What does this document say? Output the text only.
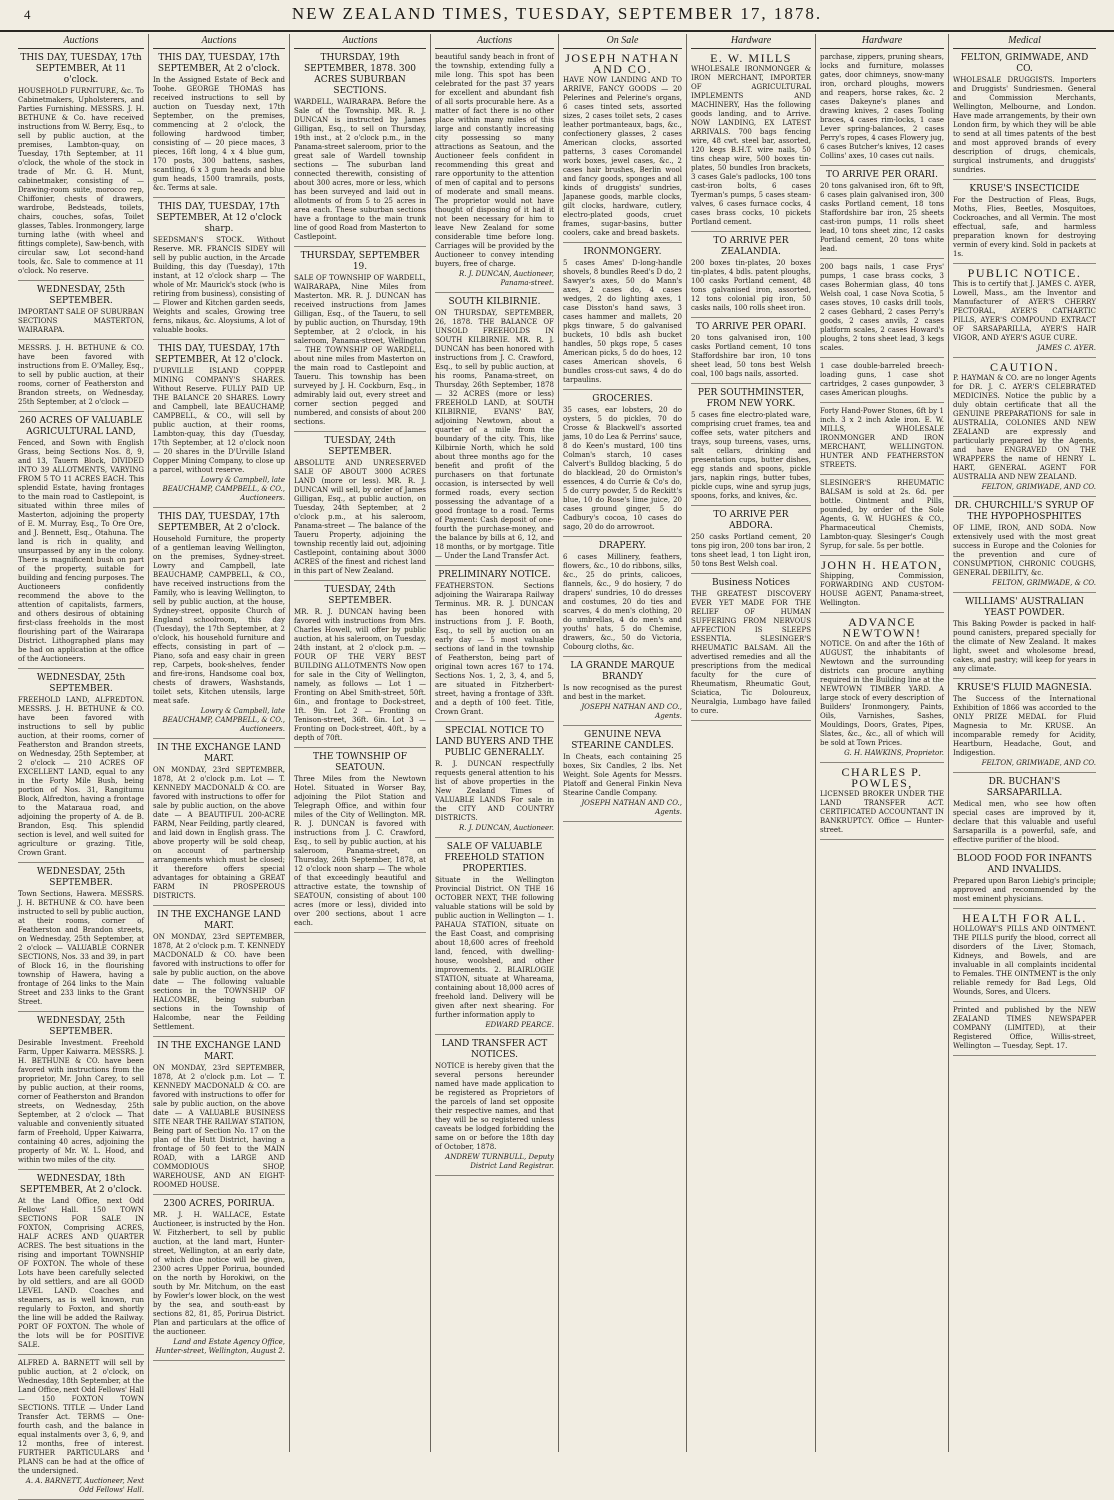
4	NEW ZEALAND TIMES, TUESDAY, SEPTEMBER 17, 1878.
Auctions
THIS DAY, TUESDAY, 17th SEPTEMBER, At 11 o'clock.
HOUSEHOLD FURNITURE, &c. To Cabinetmakers, Upholsterers, and Parties Furnishing. MESSRS. J. H. BETHUNE & Co. have received instructions from W. Berry, Esq., to sell by public auction, at the premises, Lambton-quay, on Tuesday, 17th September, at 11 o'clock, the whole of the stock in trade of Mr. G. H. Munt, cabinetmaker, consisting of — Drawing-room suite, morocco rep, Chiffonier, chests of drawers, wardrobe, Bedsteads, toilets, chairs, couches, sofas, Toilet glasses, Tables. Ironmongery, large turning lathe (with wheel and fittings complete), Saw-bench, with circular saw, Lot second-hand tools, &c. Sale to commence at 11 o'clock. No reserve.
WEDNESDAY, 25th SEPTEMBER.
IMPORTANT SALE OF SUBURBAN SECTIONS MASTERTON, WAIRARAPA.
MESSRS. J. H. BETHUNE & CO. have been favored with instructions from E. O'Malley, Esq., to sell by public auction, at their rooms, corner of Featherston and Brandon streets, on Wednesday, 25th September, at 2 o'clock —
260 ACRES OF VALUABLE AGRICULTURAL LAND,
Fenced, and Sown with English Grass, being Sections Nos. 8, 9, and 13, Tauern Block, DIVIDED INTO 39 ALLOTMENTS, VARYING FROM 5 TO 11 ACRES EACH. This splendid Estate, having frontages to the main road to Castlepoint, is situated within three miles of Masterton, adjoining the property of E. M. Murray, Esq., To Ore Ore, and J. Bennett, Esq., Otahuna. The land is rich in quality, and unsurpassed by any in the colony. There is magnificent bush on part of the property, suitable for building and fencing purposes. The Auctioneers confidently recommend the above to the attention of capitalists, farmers, and others desirous of obtaining first-class freeholds in the most flourishing part of the Wairarapa District. Lithographed plans may be had on application at the office of the Auctioneers.
WEDNESDAY, 25th SEPTEMBER.
FREEHOLD LAND, ALFREDTON. MESSRS. J. H. BETHUNE & CO. have been favored with instructions to sell by public auction, at their rooms, corner of Featherston and Brandon streets, on Wednesday, 25th September, at 2 o'clock — 210 ACRES OF EXCELLENT LAND, equal to any in the Forty Mile Bush, being portion of Nos. 31, Rangitumu Block, Alfredton, having a frontage to the Mataraua road, and adjoining the property of A. de B. Brandon, Esq. This splendid section is level, and well suited for agriculture or grazing. Title, Crown Grant.
WEDNESDAY, 25th SEPTEMBER.
Town Sections, Hawera. MESSRS. J. H. BETHUNE & CO. have been instructed to sell by public auction, at their rooms, corner of Featherston and Brandon streets, on Wednesday, 25th September, at 2 o'clock — VALUABLE CORNER SECTIONS, Nos. 33 and 39, in part of Block 16, in the flourishing township of Hawera, having a frontage of 264 links to the Main Street and 233 links to the Grant Street.
WEDNESDAY, 25th SEPTEMBER.
Desirable Investment. Freehold Farm, Upper Kaiwarra. MESSRS. J. H. BETHUNE & CO. have been favored with instructions from the proprietor, Mr. John Carey, to sell by public auction, at their rooms, corner of Featherston and Brandon streets, on Wednesday, 25th September, at 2 o'clock — That valuable and conveniently situated farm of Freehold, Upper Kaiwarra, containing 40 acres, adjoining the property of Mr. W. L. Hood, and within two miles of the city.
WEDNESDAY, 18th SEPTEMBER, At 2 o'clock.
At the Land Office, next Odd Fellows' Hall. 150 TOWN SECTIONS FOR SALE IN FOXTON, Comprising ACRES, HALF ACRES AND QUARTER ACRES. The best situations in the rising and important TOWNSHIP OF FOXTON. The whole of these Lots have been carefully selected by old settlers, and are all GOOD LEVEL LAND. Coaches and steamers, as is well known, run regularly to Foxton, and shortly the line will be added the Railway. PORT OF FOXTON. The whole of the lots will be for POSITIVE SALE.
ALFRED A. BARNETT will sell by public auction, at 2 o'clock, on Wednesday, 18th September, at the Land Office, next Odd Fellows' Hall — 150 FOXTON TOWN SECTIONS. TITLE — Under Land Transfer Act. TERMS — One-fourth cash, and the balance in equal instalments over 3, 6, 9, and 12 months, free of interest. FURTHER PARTICULARS and PLANS can be had at the office of the undersigned.
A. A. BARNETT, Auctioneer, Next Odd Fellows' Hall.
Auctions
THIS DAY, TUESDAY, 17th SEPTEMBER, At 2 o'clock.
In the Assigned Estate of Beck and Toohe. GEORGE THOMAS has received instructions to sell by auction on Tuesday next, 17th September, on the premises, commencing at 2 o'clock, the following hardwood timber, consisting of — 20 piece maces, 3 pieces, 16ft long, 4 x 4 blue gum, 170 posts, 300 battens, sashes, scantling, 6 x 3 gum heads and blue gum heads, 1500 tramrails, posts, &c. Terms at sale.
THIS DAY, TUESDAY, 17th SEPTEMBER, At 12 o'clock sharp.
SEEDSMAN'S STOCK. Without Reserve. MR. FRANCIS SIDEY will sell by public auction, in the Arcade Building, this day (Tuesday), 17th instant, at 12 o'clock sharp — The whole of Mr. Maurick's stock (who is retiring from business), consisting of — Flower and Kitchen garden seeds, Weights and scales, Growing tree ferns, nikaus, &c. Aloysiums, A lot of valuable books.
THIS DAY, TUESDAY, 17th SEPTEMBER, At 12 o'clock.
D'URVILLE ISLAND COPPER MINING COMPANY'S SHARES. Without Reserve. FULLY PAID UP. THE BALANCE 20 SHARES. Lowry and Campbell, late BEAUCHAMP, CAMPBELL, & CO., will sell by public auction, at their rooms, Lambton-quay, this day (Tuesday, 17th September, at 12 o'clock noon — 20 shares in the D'Urville Island Copper Mining Company, to close up a parcel, without reserve.
Lowry & Campbell, late BEAUCHAMP, CAMPBELL, & CO., Auctioneers.
THIS DAY, TUESDAY, 17th SEPTEMBER, At 2 o'clock.
Household Furniture, the property of a gentleman leaving Wellington, on the premises, Sydney-street. Lowry and Campbell, late BEAUCHAMP, CAMPBELL, & CO., have received instructions from the Family, who is leaving Wellington, to sell by public auction, at the house, Sydney-street, opposite Church of England schoolroom, this day (Tuesday), the 17th September, at 2 o'clock, his household furniture and effects, consisting in part of — Piano, sofa and easy chair in green rep, Carpets, book-shelves, fender and fire-irons, Handsome coal box, chests of drawers, Washstands, toilet sets, Kitchen utensils, large meat safe.
Lowry & Campbell, late BEAUCHAMP, CAMPBELL, & CO., Auctioneers.
IN THE EXCHANGE LAND MART.
ON MONDAY, 23rd SEPTEMBER, 1878, At 2 o'clock p.m. Lot — T. KENNEDY MACDONALD & CO. are favored with instructions to offer for sale by public auction, on the above date — A BEAUTIFUL 200-ACRE FARM, Near Feilding, partly cleared, and laid down in English grass. The above property will be sold cheap, on account of partnership arrangements which must be closed; it therefore offers special advantages for obtaining a GREAT FARM IN PROSPEROUS DISTRICTS.
IN THE EXCHANGE LAND MART.
ON MONDAY, 23rd SEPTEMBER, 1878, At 2 o'clock p.m. T. KENNEDY MACDONALD & CO. have been favored with instructions to offer for sale by public auction, on the above date — The following valuable sections in the TOWNSHIP OF HALCOMBE, being suburban sections in the Township of Halcombe, near the Feilding Settlement.
IN THE EXCHANGE LAND MART.
ON MONDAY, 23rd SEPTEMBER, 1878, At 2 o'clock p.m. Lot — T. KENNEDY MACDONALD & CO. are favored with instructions to offer for sale by public auction, on the above date — A VALUABLE BUSINESS SITE NEAR THE RAILWAY STATION, Being part of Section No. 17 on the plan of the Hutt District, having a frontage of 50 feet to the MAIN ROAD, with a LARGE AND COMMODIOUS SHOP, WAREHOUSE, AND AN EIGHT-ROOMED HOUSE.
2300 ACRES, PORIRUA.
MR. J. H. WALLACE, Estate Auctioneer, is instructed by the Hon. W. Fitzherbert, to sell by public auction, at the land mart, Hunter-street, Wellington, at an early date, of which due notice will be given, 2300 acres Upper Porirua, bounded on the north by Horokiwi, on the south by Mr. Mitchum, on the east by Fowler's lower block, on the west by the sea, and south-east by sections 82, 81, 85, Porirua District. Plan and particulars at the office of the auctioneer.
Land and Estate Agency Office, Hunter-street, Wellington, August 2.
Auctions
THURSDAY, 19th SEPTEMBER, 1878. 300 ACRES SUBURBAN SECTIONS.
WARDELL, WAIRARAPA. Before the Sale of the Township. MR. R. J. DUNCAN is instructed by James Gilligan, Esq., to sell on Thursday, 19th inst., at 2 o'clock p.m., in the Panama-street saleroom, prior to the great sale of Wardell township sections — The suburban land connected therewith, consisting of about 300 acres, more or less, which has been surveyed and laid out in allotments of from 5 to 25 acres in area each. These suburban sections have a frontage to the main trunk line of good Road from Masterton to Castlepoint.
THURSDAY, SEPTEMBER 19.
SALE OF TOWNSHIP OF WARDELL, WAIRARAPA, Nine Miles from Masterton. MR. R. J. DUNCAN has received instructions from James Gilligan, Esq., of the Taueru, to sell by public auction, on Thursday, 19th September, at 2 o'clock, in his saleroom, Panama-street, Wellington — THE TOWNSHIP OF WARDELL, about nine miles from Masterton on the main road to Castlepoint and Taueru. This township has been surveyed by J. H. Cockburn, Esq., in admirably laid out, every street and corner section pegged and numbered, and consists of about 200 sections.
TUESDAY, 24th SEPTEMBER.
ABSOLUTE AND UNRESERVED SALE OF ABOUT 3000 ACRES LAND (more or less). MR. R. J. DUNCAN will sell, by order of James Gilligan, Esq., at public auction, on Tuesday, 24th September, at 2 o'clock p.m., at his saleroom, Panama-street — The balance of the Taueru Property, adjoining the township recently laid out, adjoining Castlepoint, containing about 3000 ACRES of the finest and richest land in this part of New Zealand.
TUESDAY, 24th SEPTEMBER.
MR. R. J. DUNCAN having been favored with instructions from Mrs. Charles Howell, will offer by public auction, at his saleroom, on Tuesday, 24th instant, at 2 o'clock p.m. — FOUR OF THE VERY BEST BUILDING ALLOTMENTS Now open for sale in the City of Wellington, namely, as follows — Lot 1 — Fronting on Abel Smith-street, 50ft. 6in., and frontage to Dock-street, 1ft. 9in. Lot 2 — Fronting on Tenison-street, 36ft. 6in. Lot 3 — Fronting on Dock-street, 40ft., by a depth of 70ft.
THE TOWNSHIP OF SEATOUN.
Three Miles from the Newtown Hotel. Situated in Worser Bay, adjoining the Pilot Station and Telegraph Office, and within four miles of the City of Wellington. MR. R. J. DUNCAN is favored with instructions from J. C. Crawford, Esq., to sell by public auction, at his saleroom, Panama-street, on Thursday, 26th September, 1878, at 12 o'clock noon sharp — The whole of that exceedingly beautiful and attractive estate, the township of SEATOUN, consisting of about 100 acres (more or less), divided into over 200 sections, about 1 acre each.
Auctions
beautiful sandy beach in front of the township, extending fully a mile long. This spot has been celebrated for the past 37 years for excellent and abundant fish of all sorts procurable here. As a matter of fact there is no other place within many miles of this large and constantly increasing city possessing so many attractions as Seatoun, and the Auctioneer feels confident in recommending this great and rare opportunity to the attention of men of capital and to persons of moderate and small means. The proprietor would not have thought of disposing of it had it not been necessary for him to leave New Zealand for some considerable time before long. Carriages will be provided by the Auctioneer to convey intending buyers, free of charge.
R. J. DUNCAN, Auctioneer, Panama-street.
SOUTH KILBIRNIE.
ON THURSDAY, SEPTEMBER, 26, 1878. THE BALANCE OF UNSOLD FREEHOLDS IN SOUTH KILBIRNIE. MR. R. J. DUNCAN has been honored with instructions from J. C. Crawford, Esq., to sell by public auction, at his rooms, Panama-street, on Thursday, 26th September, 1878 — 32 ACRES (more or less) FREEHOLD LAND, at SOUTH KILBIRNIE, EVANS' BAY, adjoining Newtown, about a quarter of a mile from the boundary of the city. This, like Kilbirnie North, which he sold about three months ago for the benefit and profit of the purchasers on that fortunate occasion, is intersected by well formed roads, every section possessing the advantage of a good frontage to a road. Terms of Payment: Cash deposit of one-fourth the purchase-money, and the balance by bills at 6, 12, and 18 months, or by mortgage. Title — Under the Land Transfer Act.
PRELIMINARY NOTICE.
FEATHERSTON. Sections adjoining the Wairarapa Railway Terminus. MR. R. J. DUNCAN has been honored with instructions from J. F. Booth, Esq., to sell by auction on an early day — 5 most valuable sections of land in the township of Featherston, being part of original town acres 167 to 174. Sections Nos. 1, 2, 3, 4, and 5, are situated in Fitzherbert-street, having a frontage of 33ft. and a depth of 100 feet. Title, Crown Grant.
SPECIAL NOTICE TO LAND BUYERS AND THE PUBLIC GENERALLY.
R. J. DUNCAN respectfully requests general attention to his list of above properties in the New Zealand Times of VALUABLE LANDS For sale in the CITY AND COUNTRY DISTRICTS.
R. J. DUNCAN, Auctioneer.
SALE OF VALUABLE FREEHOLD STATION PROPERTIES.
Situate in the Wellington Provincial District. ON THE 16 OCTOBER NEXT, THE following valuable stations will be sold by public auction in Wellington — 1. PAHAUA STATION, situate on the East Coast, and comprising about 18,600 acres of freehold land, fenced, with dwelling-house, woolshed, and other improvements. 2. BLAIRLOGIE STATION, situate at Whareama, containing about 18,000 acres of freehold land. Delivery will be given after next shearing. For further information apply to
EDWARD PEARCE.
LAND TRANSFER ACT NOTICES.
NOTICE is hereby given that the several persons hereunder named have made application to be registered as Proprietors of the parcels of land set opposite their respective names, and that they will be so registered unless caveats be lodged forbidding the same on or before the 18th day of October, 1878.
ANDREW TURNBULL, Deputy District Land Registrar.
On Sale
JOSEPH NATHAN AND CO.
HAVE NOW LANDING AND TO ARRIVE, FANCY GOODS — 20 Pelerines and Pelerine's organs, 6 cases tinted sets, assorted sizes, 2 cases toilet sets, 2 cases leather portmanteaux, bags, &c., confectionery glasses, 2 cases American clocks, assorted patterns, 3 cases Coromandel work boxes, jewel cases, &c., 2 cases hair brushes, Berlin wool and fancy goods, sponges and all kinds of druggists' sundries, Japanese goods, marble clocks, gilt clocks, hardware, cutlery, electro-plated goods, cruet frames, sugar-basins, butter coolers, cake and bread baskets.
IRONMONGERY.
5 cases Ames' D-long-handle shovels, 8 bundles Reed's D do, 2 Sawyer's axes, 50 do Mann's axes, 2 cases do, 4 cases wedges, 2 do lighting axes, 1 case Disston's hand saws, 3 cases hammer and mallets, 20 pkgs tinware, 5 do galvanised buckets, 10 bdls ash bucket handles, 50 pkgs rope, 5 cases American picks, 5 do do hoes, 12 cases American shovels, 6 bundles cross-cut saws, 4 do do tarpaulins.
GROCERIES.
35 cases, ear lobsters, 20 do oysters, 5 do pickles, 70 do Crosse & Blackwell's assorted jams, 10 do Lea & Perrins' sauce, 8 do Keen's mustard, 100 tins Colman's starch, 10 cases Calvert's Bulldog blacking, 5 do do blacklead, 20 do Ormiston's essences, 4 do Currie & Co's do, 5 do curry powder, 5 do Reckitt's blue, 10 do Rose's lime juice, 20 cases ground ginger, 5 do Cadbury's cocoa, 10 cases do sago, 20 do do arrowroot.
DRAPERY.
6 cases Millinery, feathers, flowers, &c., 10 do ribbons, silks, &c., 25 do prints, calicoes, flannels, &c., 9 do hosiery, 7 do drapers' sundries, 10 do dresses and costumes, 20 do ties and scarves, 4 do men's clothing, 20 do umbrellas, 4 do men's and youths' hats, 5 do Chemise, drawers, &c., 50 do Victoria, Cobourg cloths, &c.
LA GRANDE MARQUE BRANDY
Is now recognised as the purest and best in the market.
JOSEPH NATHAN AND CO., Agents.
GENUINE NEVA STEARINE CANDLES.
In Cheats, each containing 25 boxes, Six Candles, 2 lbs. Net Weight. Sole Agents for Messrs. Platoff and General Finkin Neva Stearine Candle Company.
JOSEPH NATHAN AND CO., Agents.
Hardware
E. W. MILLS
WHOLESALE IRONMONGER & IRON MERCHANT, IMPORTER OF AGRICULTURAL IMPLEMENTS AND MACHINERY, Has the following goods landing, and to Arrive. NOW LANDING, EX LATEST ARRIVALS. 700 bags fencing wire, 48 cwt. steel bar, assorted, 120 kegs B.H.T. wire nails, 50 tins cheap wire, 500 boxes tin-plates, 50 bundles Iron brackets, 3 cases Gale's padlocks, 100 tons cast-iron bolts, 6 cases Tyerman's pumps, 5 cases steam-valves, 6 cases furnace cocks, 4 cases brass cocks, 10 pickets Portland cement.
TO ARRIVE PER ZEALANDIA.
200 boxes tin-plates, 20 boxes tin-plates, 4 bdls. patent ploughs, 100 casks Portland cement, 48 tons galvanised iron, assorted, 12 tons colonial pig iron, 50 casks nails, 100 rolls sheet iron.
TO ARRIVE PER OPARI.
20 tons galvanised iron, 100 casks Portland cement, 10 tons Staffordshire bar iron, 10 tons sheet lead, 50 tons best Welsh coal, 100 bags nails, assorted.
PER SOUTHMINSTER, FROM NEW YORK.
5 cases fine electro-plated ware, comprising cruet frames, tea and coffee sets, water pitchers and trays, soup tureens, vases, urns, salt cellars, drinking and presentation cups, butter dishes, egg stands and spoons, pickle jars, napkin rings, butter tubes, pickle cups, wine and syrup jugs, spoons, forks, and knives, &c.
TO ARRIVE PER ABDORA.
250 casks Portland cement, 20 tons pig iron, 200 tons bar iron, 2 tons sheet lead, 1 ton Light iron, 50 tons Best Welsh coal.
Business Notices
THE GREATEST DISCOVERY EVER YET MADE FOR THE RELIEF OF HUMAN SUFFERING FROM NERVOUS AFFECTION IS SLEEPS ESSENTIA. SLESINGER'S RHEUMATIC BALSAM. All the advertised remedies and all the prescriptions from the medical faculty for the cure of Rheumatism, Rheumatic Gout, Sciatica, Tic Doloureux, Neuralgia, Lumbago have failed to cure.
Hardware
parchase, zippers, pruning shears, locks and furniture, molasses gates, door chimneys, snow-many iron, orchard ploughs, mowers and reapers, horse rakes, &c. 2 cases Dakeyne's planes and drawing knives, 2 cases Tooling braces, 4 cases rim-locks, 1 case Lever spring-balances, 2 cases Perry's ropes, 4 cases Flowery jug, 6 cases Butcher's knives, 12 cases Collins' axes, 10 cases cut nails.
TO ARRIVE PER ORARI.
20 tons galvanised iron, 6ft to 9ft, 6 cases plain galvanised iron, 300 casks Portland cement, 18 tons Staffordshire bar iron, 25 sheets cast-iron pumps, 11 rolls sheet lead, 10 tons sheet zinc, 12 casks Portland cement, 20 tons white lead.
200 bags nails, 1 case Frys' pumps, 1 case brass cocks, 3 cases Bohermian glass, 40 tons Welsh coal, 1 case Nova Scotia, 5 cases stoves, 10 casks drill tools, 2 cases Gebhard, 2 cases Perry's goods, 2 cases anvils, 2 cases platform scales, 2 cases Howard's ploughs, 2 tons sheet lead, 3 kegs scales.
1 case double-barreled breech-loading guns, 1 case shot cartridges, 2 cases gunpowder, 3 cases American ploughs.
Forty Hand-Power Stones, 6ft by 1 inch. 3 x 2 inch Axle iron. E. W. MILLS, WHOLESALE IRONMONGER AND IRON MERCHANT, WELLINGTON. HUNTER AND FEATHERSTON STREETS.
SLESINGER'S RHEUMATIC BALSAM is sold at 2s. 6d. per bottle. Ointment and Pills, pounded, by order of the Sole Agents, G. W. HUGHES & CO., Pharmaceutical Chemists, Lambton-quay. Slesinger's Cough Syrup, for sale. 5s per bottle.
JOHN H. HEATON,
Shipping, Commission, FORWARDING AND CUSTOM-HOUSE AGENT, Panama-street, Wellington.
ADVANCE NEWTOWN!
NOTICE. On and after the 16th of AUGUST, the inhabitants of Newtown and the surrounding districts can procure anything required in the Building line at the NEWTOWN TIMBER YARD. A large stock of every description of Builders' Ironmongery, Paints, Oils, Varnishes, Sashes, Mouldings, Doors, Grates, Pipes, Slates, &c., &c., all of which will be sold at Town Prices.
G. H. HAWKINS, Proprietor.
CHARLES P. POWLES,
LICENSED BROKER UNDER THE LAND TRANSFER ACT. CERTIFICATED ACCOUNTANT IN BANKRUPTCY. Office — Hunter-street.
Medical
FELTON, GRIMWADE, AND CO.
WHOLESALE DRUGGISTS. Importers and Druggists' Sundriesmen. General and Commission Merchants, Wellington, Melbourne, and London. Have made arrangements, by their own London firm, by which they will be able to send at all times patents of the best and most approved brands of every description of drugs, chemicals, surgical instruments, and druggists' sundries.
KRUSE'S INSECTICIDE
For the Destruction of Fleas, Bugs, Moths, Flies, Beetles, Mosquitoes, Cockroaches, and all Vermin. The most effectual, safe, and harmless preparation known for destroying vermin of every kind. Sold in packets at 1s.
PUBLIC NOTICE.
This is to certify that J. JAMES C. AYER, Lowell, Mass., am the Inventor and Manufacturer of AYER'S CHERRY PECTORAL, AYER'S CATHARTIC PILLS, AYER'S COMPOUND EXTRACT OF SARSAPARILLA, AYER'S HAIR VIGOR, AND AYER'S AGUE CURE.
JAMES C. AYER.
CAUTION.
P. HAYMAN & CO. are no longer Agents for DR. J. C. AYER'S CELEBRATED MEDICINES. Notice the public by a duly obtain certificate that all the GENUINE PREPARATIONS for sale in AUSTRALIA, COLONIES AND NEW ZEALAND are expressly and particularly prepared by the Agents, and have ENGRAVED ON THE WRAPPERS the name of HENRY L. HART, GENERAL AGENT FOR AUSTRALIA AND NEW ZEALAND.
FELTON, GRIMWADE, AND CO.
DR. CHURCHILL'S SYRUP OF THE HYPOPHOSPHITES
OF LIME, IRON, AND SODA. Now extensively used with the most great success in Europe and the Colonies for the prevention and cure of CONSUMPTION, CHRONIC COUGHS, GENERAL DEBILITY, &c.
FELTON, GRIMWADE, & CO.
WILLIAMS' AUSTRALIAN YEAST POWDER.
This Baking Powder is packed in half-pound canisters, prepared specially for the climate of New Zealand. It makes light, sweet and wholesome bread, cakes, and pastry; will keep for years in any climate.
KRUSE'S FLUID MAGNESIA.
The Success of the International Exhibition of 1866 was accorded to the ONLY PRIZE MEDAL for Fluid Magnesia to Mr. KRUSE. An incomparable remedy for Acidity, Heartburn, Headache, Gout, and Indigestion.
FELTON, GRIMWADE, AND CO.
DR. BUCHAN'S SARSAPARILLA.
Medical men, who see how often special cases are improved by it, declare that this valuable and useful Sarsaparilla is a powerful, safe, and effective purifier of the blood.
BLOOD FOOD FOR INFANTS AND INVALIDS.
Prepared upon Baron Liebig's principle; approved and recommended by the most eminent physicians.
HEALTH FOR ALL.
HOLLOWAY'S PILLS AND OINTMENT. THE PILLS purify the blood, correct all disorders of the Liver, Stomach, Kidneys, and Bowels, and are invaluable in all complaints incidental to Females. THE OINTMENT is the only reliable remedy for Bad Legs, Old Wounds, Sores, and Ulcers.
Printed and published by the NEW ZEALAND TIMES NEWSPAPER COMPANY (LIMITED), at their Registered Office, Willis-street, Wellington — Tuesday, Sept. 17.
